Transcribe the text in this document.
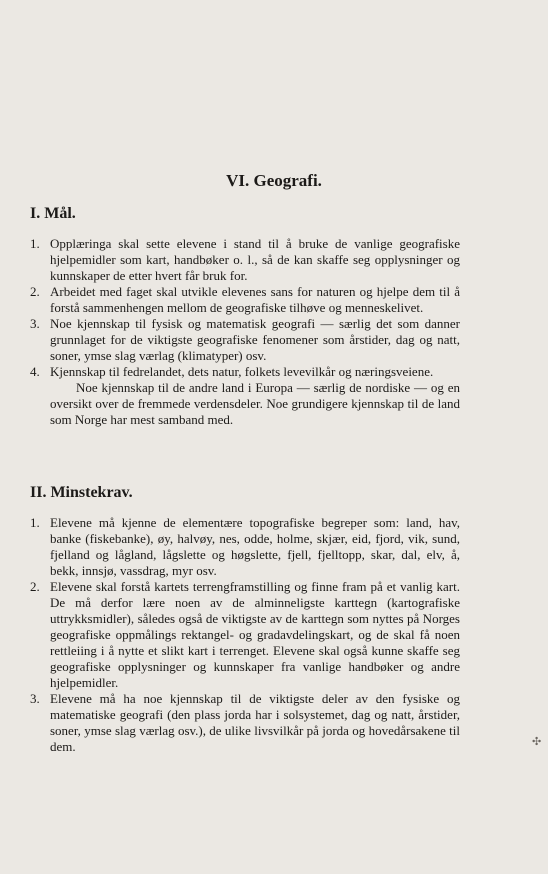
VI. Geografi.
I. Mål.
1. Opplæringa skal sette elevene i stand til å bruke de vanlige geografiske hjelpemidler som kart, handbøker o. l., så de kan skaffe seg opplysninger og kunnskaper de etter hvert får bruk for.
2. Arbeidet med faget skal utvikle elevenes sans for naturen og hjelpe dem til å forstå sammenhengen mellom de geografiske tilhøve og menneskelivet.
3. Noe kjennskap til fysisk og matematisk geografi — særlig det som danner grunnlaget for de viktigste geografiske fenomener som årstider, dag og natt, soner, ymse slag værlag (klimatyper) osv.
4. Kjennskap til fedrelandet, dets natur, folkets levevilkår og næringsveiene.
Noe kjennskap til de andre land i Europa — særlig de nordiske — og en oversikt over de fremmede verdensdeler. Noe grundigere kjennskap til de land som Norge har mest samband med.
II. Minstekrav.
1. Elevene må kjenne de elementære topografiske begreper som: land, hav, banke (fiskebanke), øy, halvøy, nes, odde, holme, skjær, eid, fjord, vik, sund, fjelland og lågland, lågslette og høgslette, fjell, fjelltopp, skar, dal, elv, å, bekk, innsjø, vassdrag, myr osv.
2. Elevene skal forstå kartets terrengframstilling og finne fram på et vanlig kart. De må derfor lære noen av de alminneligste karttegn (kartografiske uttrykksmidler), således også de viktigste av de karttegn som nyttes på Norges geografiske oppmålings rektangel- og gradavdelingskart, og de skal få noen rettleiing i å nytte et slikt kart i terrenget. Elevene skal også kunne skaffe seg geografiske opplysninger og kunnskaper fra vanlige handbøker og andre hjelpemidler.
3. Elevene må ha noe kjennskap til de viktigste deler av den fysiske og matematiske geografi (den plass jorda har i solsystemet, dag og natt, årstider, soner, ymse slag værlag osv.), de ulike livsvilkår på jorda og hovedårsakene til dem.	✣
